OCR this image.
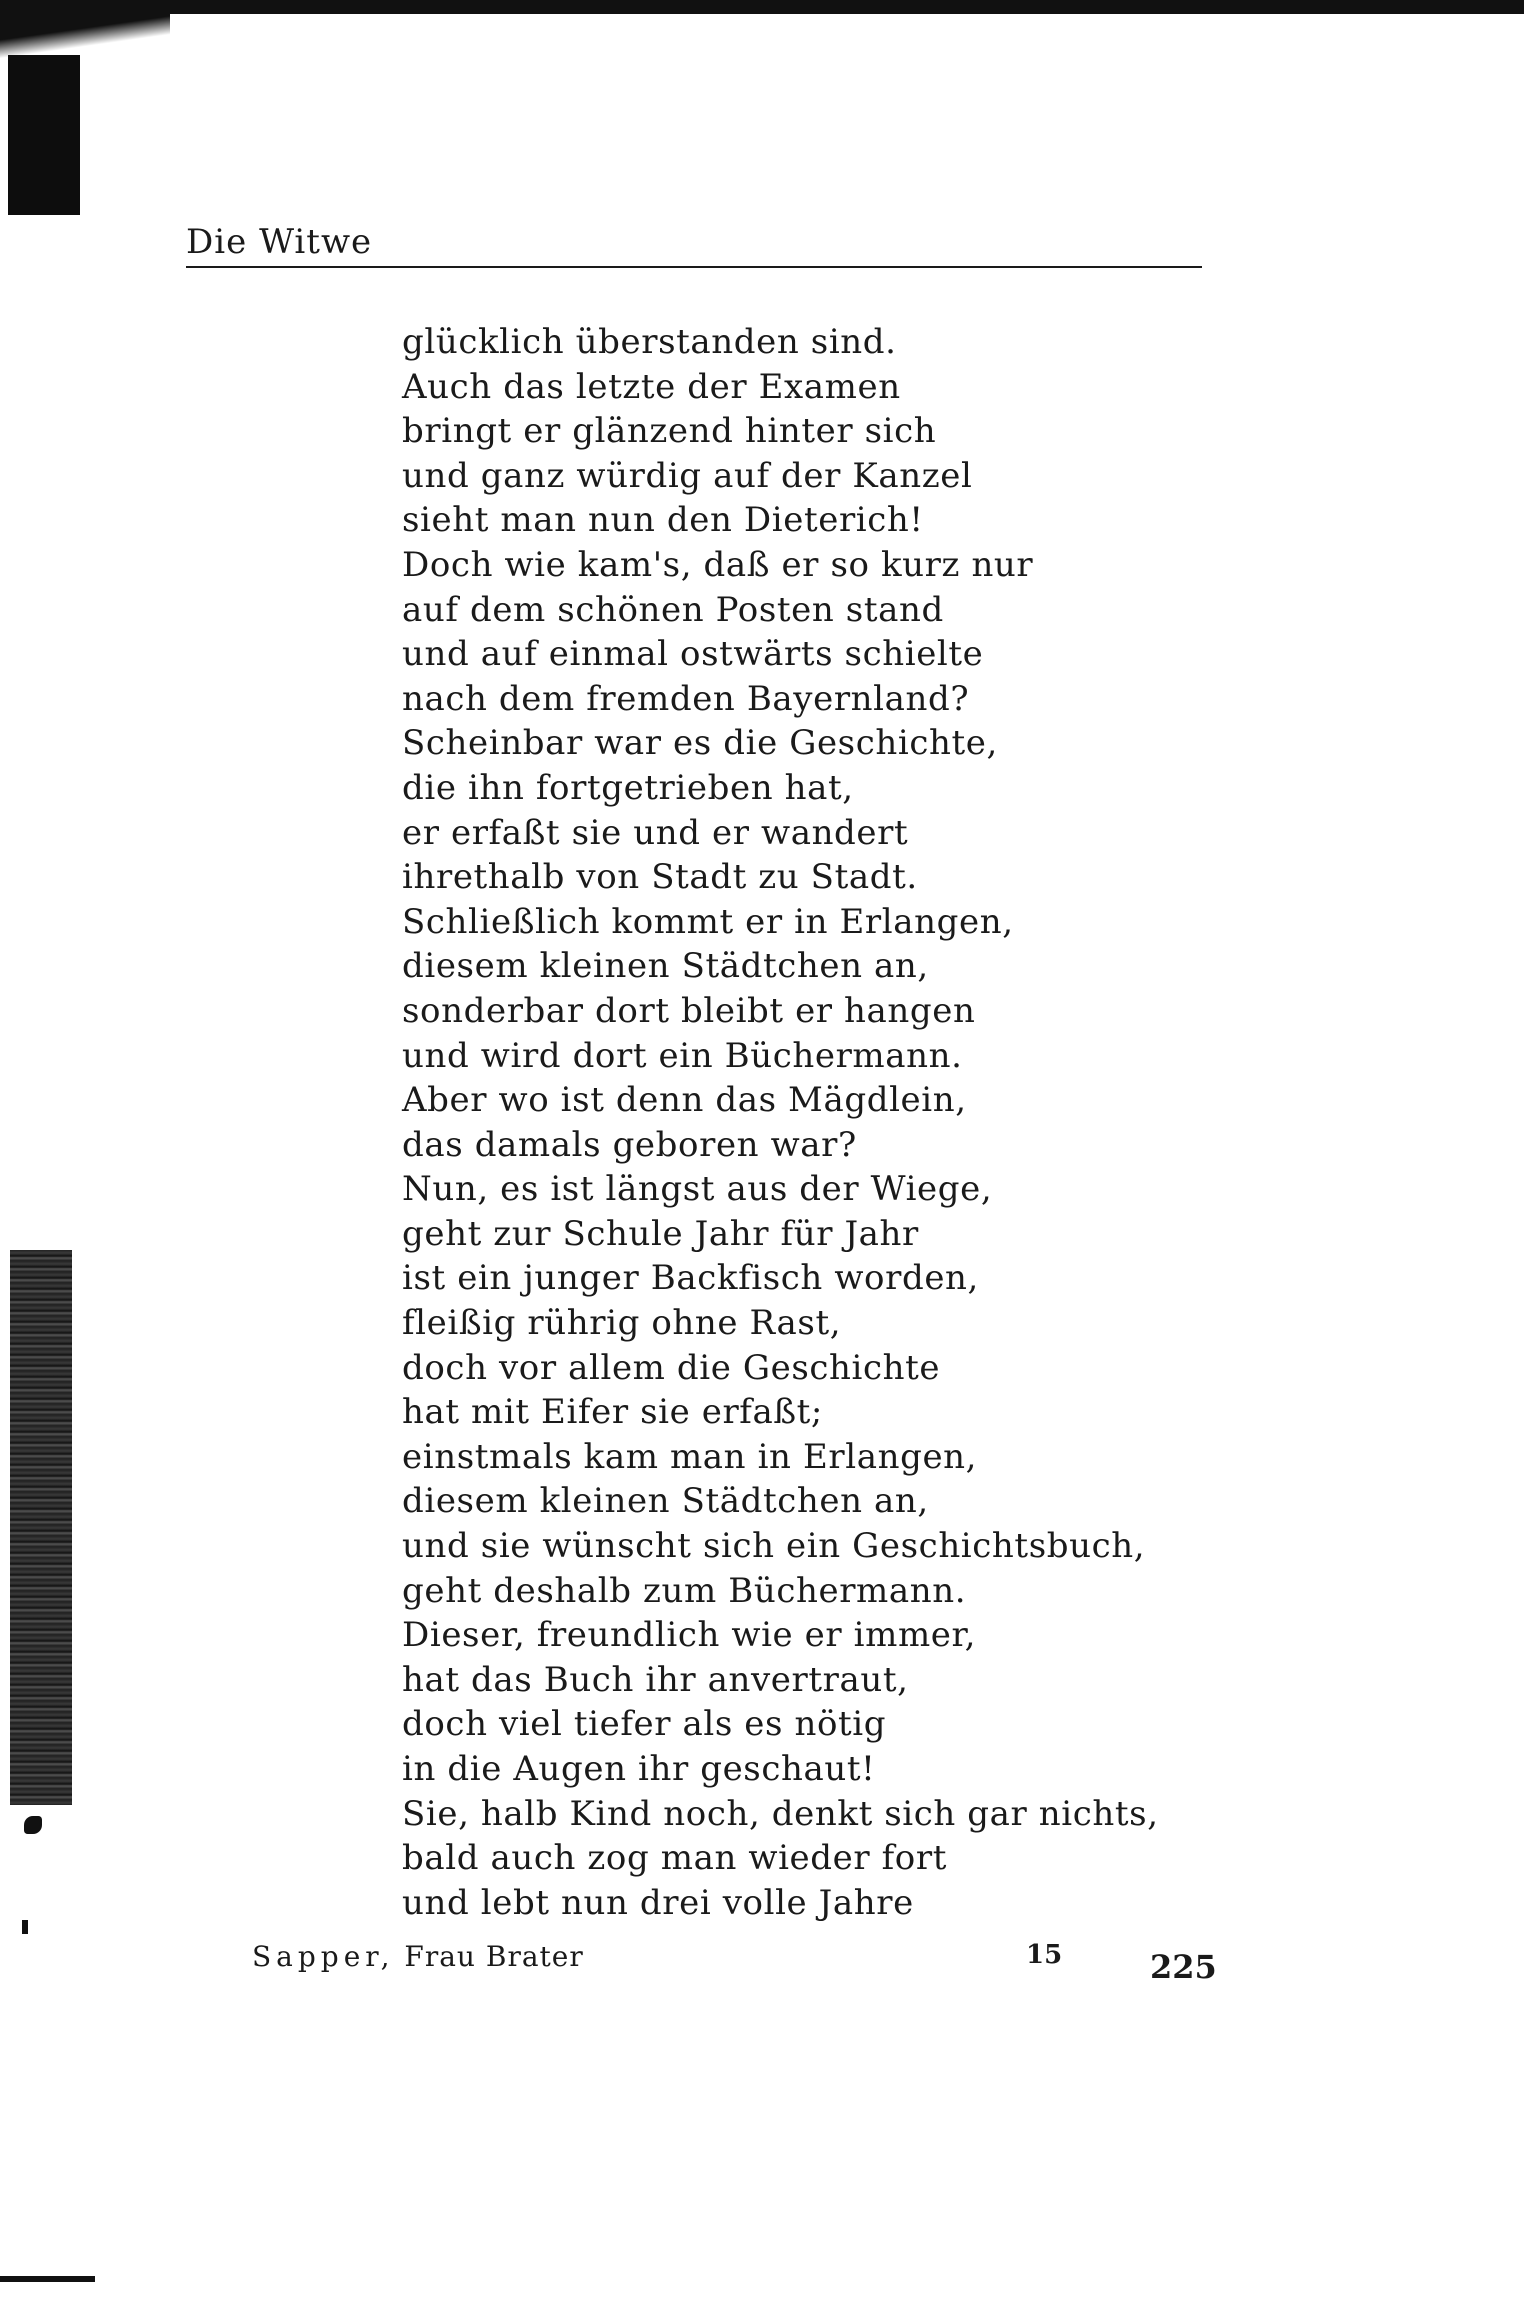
Die Witwe
glücklich überstanden sind.
Auch das letzte der Examen
bringt er glänzend hinter sich
und ganz würdig auf der Kanzel
sieht man nun den Dieterich!
Doch wie kam's, daß er so kurz nur
auf dem schönen Posten stand
und auf einmal ostwärts schielte
nach dem fremden Bayernland?
Scheinbar war es die Geschichte,
die ihn fortgetrieben hat,
er erfaßt sie und er wandert
ihrethalb von Stadt zu Stadt.
Schließlich kommt er in Erlangen,
diesem kleinen Städtchen an,
sonderbar dort bleibt er hangen
und wird dort ein Büchermann.
Aber wo ist denn das Mägdlein,
das damals geboren war?
Nun, es ist längst aus der Wiege,
geht zur Schule Jahr für Jahr
ist ein junger Backfisch worden,
fleißig rührig ohne Rast,
doch vor allem die Geschichte
hat mit Eifer sie erfaßt;
einstmals kam man in Erlangen,
diesem kleinen Städtchen an,
und sie wünscht sich ein Geschichtsbuch,
geht deshalb zum Büchermann.
Dieser, freundlich wie er immer,
hat das Buch ihr anvertraut,
doch viel tiefer als es nötig
in die Augen ihr geschaut!
Sie, halb Kind noch, denkt sich gar nichts,
bald auch zog man wieder fort
und lebt nun drei volle Jahre
Sapper, Frau Brater	15	225
